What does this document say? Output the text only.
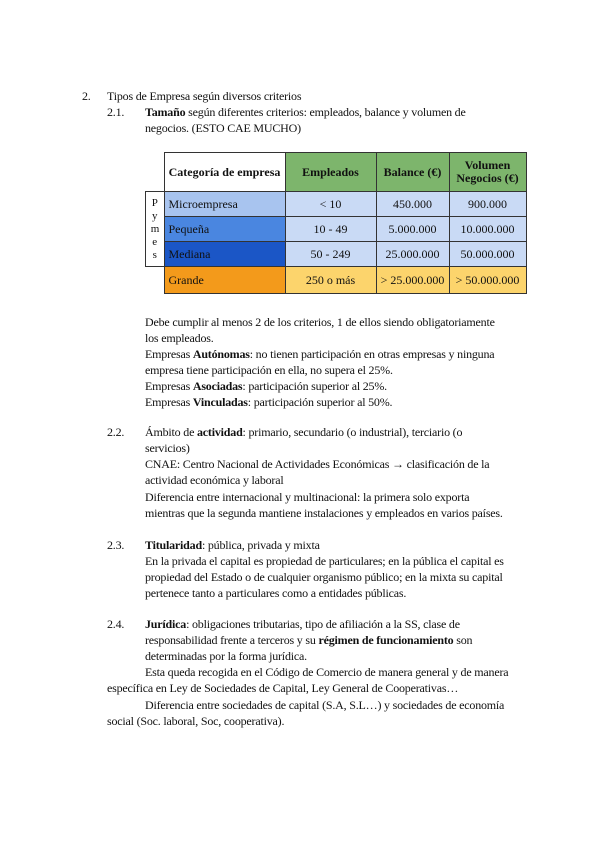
2. Tipos de Empresa según diversos criterios
2.1. Tamaño según diferentes criterios: empleados, balance y volumen de
negocios. (ESTO CAE MUCHO)
	Categoría de empresa	Empleados	Balance (€)	Volumen Negocios (€)
Pymes	Microempresa	< 10	450.000	900.000
	Pequeña	10 - 49	5.000.000	10.000.000
	Mediana	50 - 249	25.000.000	50.000.000
	Grande	250 o más	> 25.000.000	> 50.000.000
Debe cumplir al menos 2 de los criterios, 1 de ellos siendo obligatoriamente
los empleados.
Empresas Autónomas: no tienen participación en otras empresas y ninguna
empresa tiene participación en ella, no supera el 25%.
Empresas Asociadas: participación superior al 25%.
Empresas Vinculadas: participación superior al 50%.
2.2. Ámbito de actividad: primario, secundario (o industrial), terciario (o
servicios)
CNAE: Centro Nacional de Actividades Económicas → clasificación de la
actividad económica y laboral
Diferencia entre internacional y multinacional: la primera solo exporta
mientras que la segunda mantiene instalaciones y empleados en varios países.
2.3. Titularidad: pública, privada y mixta
En la privada el capital es propiedad de particulares; en la pública el capital es
propiedad del Estado o de cualquier organismo público; en la mixta su capital
pertenece tanto a particulares como a entidades públicas.
2.4. Jurídica: obligaciones tributarias, tipo de afiliación a la SS, clase de
responsabilidad frente a terceros y su régimen de funcionamiento son
determinadas por la forma jurídica.
Esta queda recogida en el Código de Comercio de manera general y de manera
específica en Ley de Sociedades de Capital, Ley General de Cooperativas…
Diferencia entre sociedades de capital (S.A, S.L…) y sociedades de economía
social (Soc. laboral, Soc, cooperativa).
